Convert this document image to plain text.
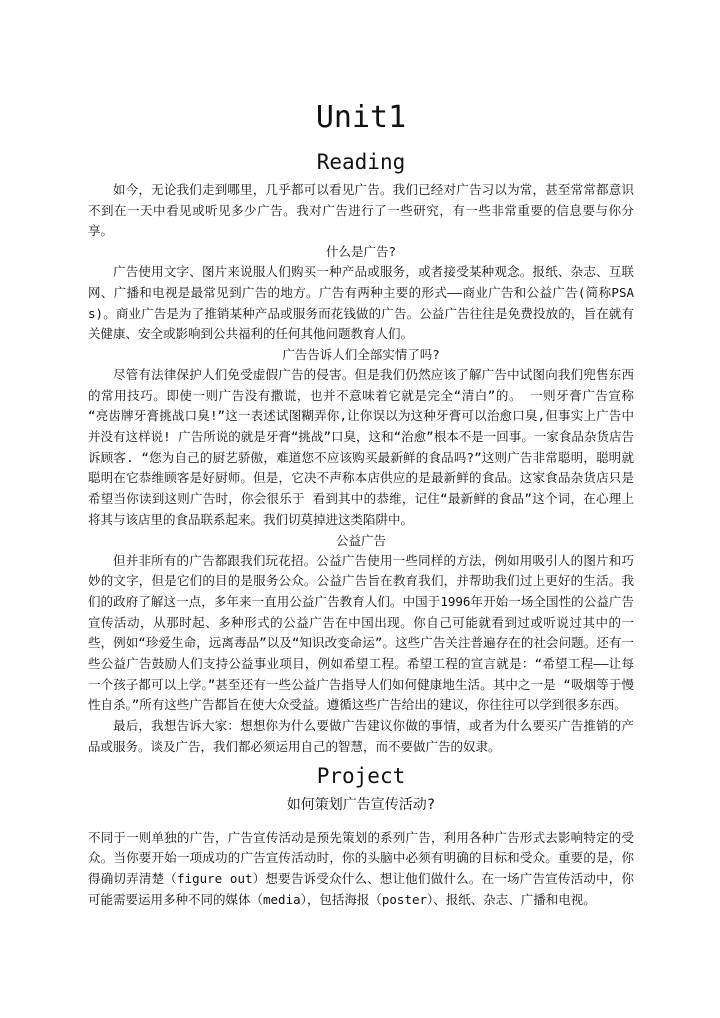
Unit1
Reading

如今，无论我们走到哪里，几乎都可以看见广告。我们已经对广告习以为常，甚至常常都意识不到在一天中看见或听见多少广告。我对广告进行了一些研究，有一些非常重要的信息要与你分享。

什么是广告?

广告使用文字、图片来说服人们购买一种产品或服务，或者接受某种观念。报纸、杂志、互联网、广播和电视是最常见到广告的地方。广告有两种主要的形式——商业广告和公益广告(简称PSAs)。商业广告是为了推销某种产品或服务而花钱做的广告。公益广告往往是免费投放的，旨在就有关健康、安全或影响到公共福利的任何其他问题教育人们。

广告告诉人们全部实情了吗?

尽管有法律保护人们免受虚假广告的侵害。但是我们仍然应该了解广告中试图向我们兜售东西的常用技巧。即使一则广告没有撒谎，也并不意味着它就是完全“清白”的。 一则牙膏广告宣称 “亮齿牌牙膏挑战口臭!”这一表述试图糊弄你,让你误以为这种牙膏可以治愈口臭,但事实上广告中并没有这样说! 广告所说的就是牙膏“挑战”口臭，这和“治愈”根本不是一回事。一家食品杂货店告诉顾客. “您为自己的厨艺骄傲，难道您不应该购买最新鲜的食品吗?”这则广告非常聪明，聪明就聪明在它恭维顾客是好厨师。但是，它决不声称本店供应的是最新鲜的食品。这家食品杂货店只是希望当你读到这则广告时，你会很乐于 看到其中的恭维，记住“最新鲜的食品”这个词，在心理上将其与该店里的食品联系起来。我们切莫掉进这类陷阱中。

公益广告

但并非所有的广告都跟我们玩花招。公益广告使用一些同样的方法，例如用吸引人的图片和巧妙的文字，但是它们的目的是服务公众。公益广告旨在教育我们，并帮助我们过上更好的生活。我们的政府了解这一点，多年来一直用公益广告教育人们。中国于1996年开始一场全国性的公益广告宣传活动，从那时起、多种形式的公益广告在中国出现。你自己可能就看到过或听说过其中的一些，例如“珍爱生命，远离毒品”以及“知识改变命运”。这些广告关注普遍存在的社会问题。还有一些公益广告鼓励人们支持公益事业项目，例如希望工程。希望工程的宣言就是：“希望工程——让每一个孩子都可以上学。”甚至还有一些公益广告指导人们如何健康地生活。其中之一是 “吸烟等于慢性自杀。”所有这些广告都旨在使大众受益。遵循这些广告给出的建议，你往往可以学到很多东西。

最后，我想告诉大家：想想你为什么要做广告建议你做的事情，或者为什么要买广告推销的产品或服务。谈及广告，我们都必须运用自己的智慧，而不要做广告的奴隶。

Project
如何策划广告宣传活动?

不同于一则单独的广告，广告宣传活动是预先策划的系列广告，利用各种广告形式去影响特定的受众。当你要开始一项成功的广告宣传活动时，你的头脑中必须有明确的目标和受众。重要的是，你得确切弄清楚（figure out）想要告诉受众什么、想让他们做什么。在一场广告宣传活动中，你可能需要运用多种不同的媒体（media），包括海报（poster）、报纸、杂志、广播和电视。
